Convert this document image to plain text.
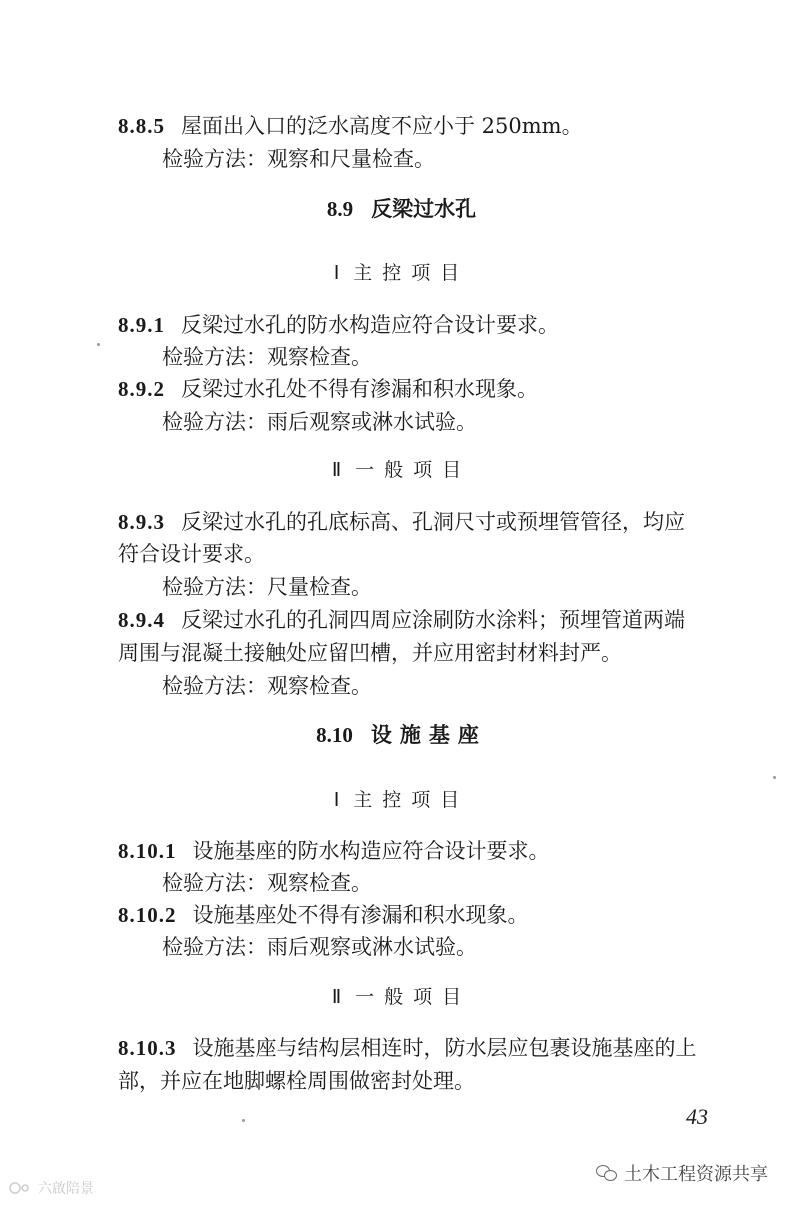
8.8.5 屋面出入口的泛水高度不应小于 250mm。
检验方法：观察和尺量检查。
8.9 反梁过水孔
Ⅰ 主控项目
8.9.1 反梁过水孔的防水构造应符合设计要求。
检验方法：观察检查。
8.9.2 反梁过水孔处不得有渗漏和积水现象。
检验方法：雨后观察或淋水试验。
Ⅱ 一般项目
8.9.3 反梁过水孔的孔底标高、孔洞尺寸或预埋管管径，均应
符合设计要求。
检验方法：尺量检查。
8.9.4 反梁过水孔的孔洞四周应涂刷防水涂料；预埋管道两端
周围与混凝土接触处应留凹槽，并应用密封材料封严。
检验方法：观察检查。
8.10 设施基座
Ⅰ 主控项目
8.10.1 设施基座的防水构造应符合设计要求。
检验方法：观察检查。
8.10.2 设施基座处不得有渗漏和积水现象。
检验方法：雨后观察或淋水试验。
Ⅱ 一般项目
8.10.3 设施基座与结构层相连时，防水层应包裹设施基座的上
部，并应在地脚螺栓周围做密封处理。
43
土木工程资源共享
六啟陪景
